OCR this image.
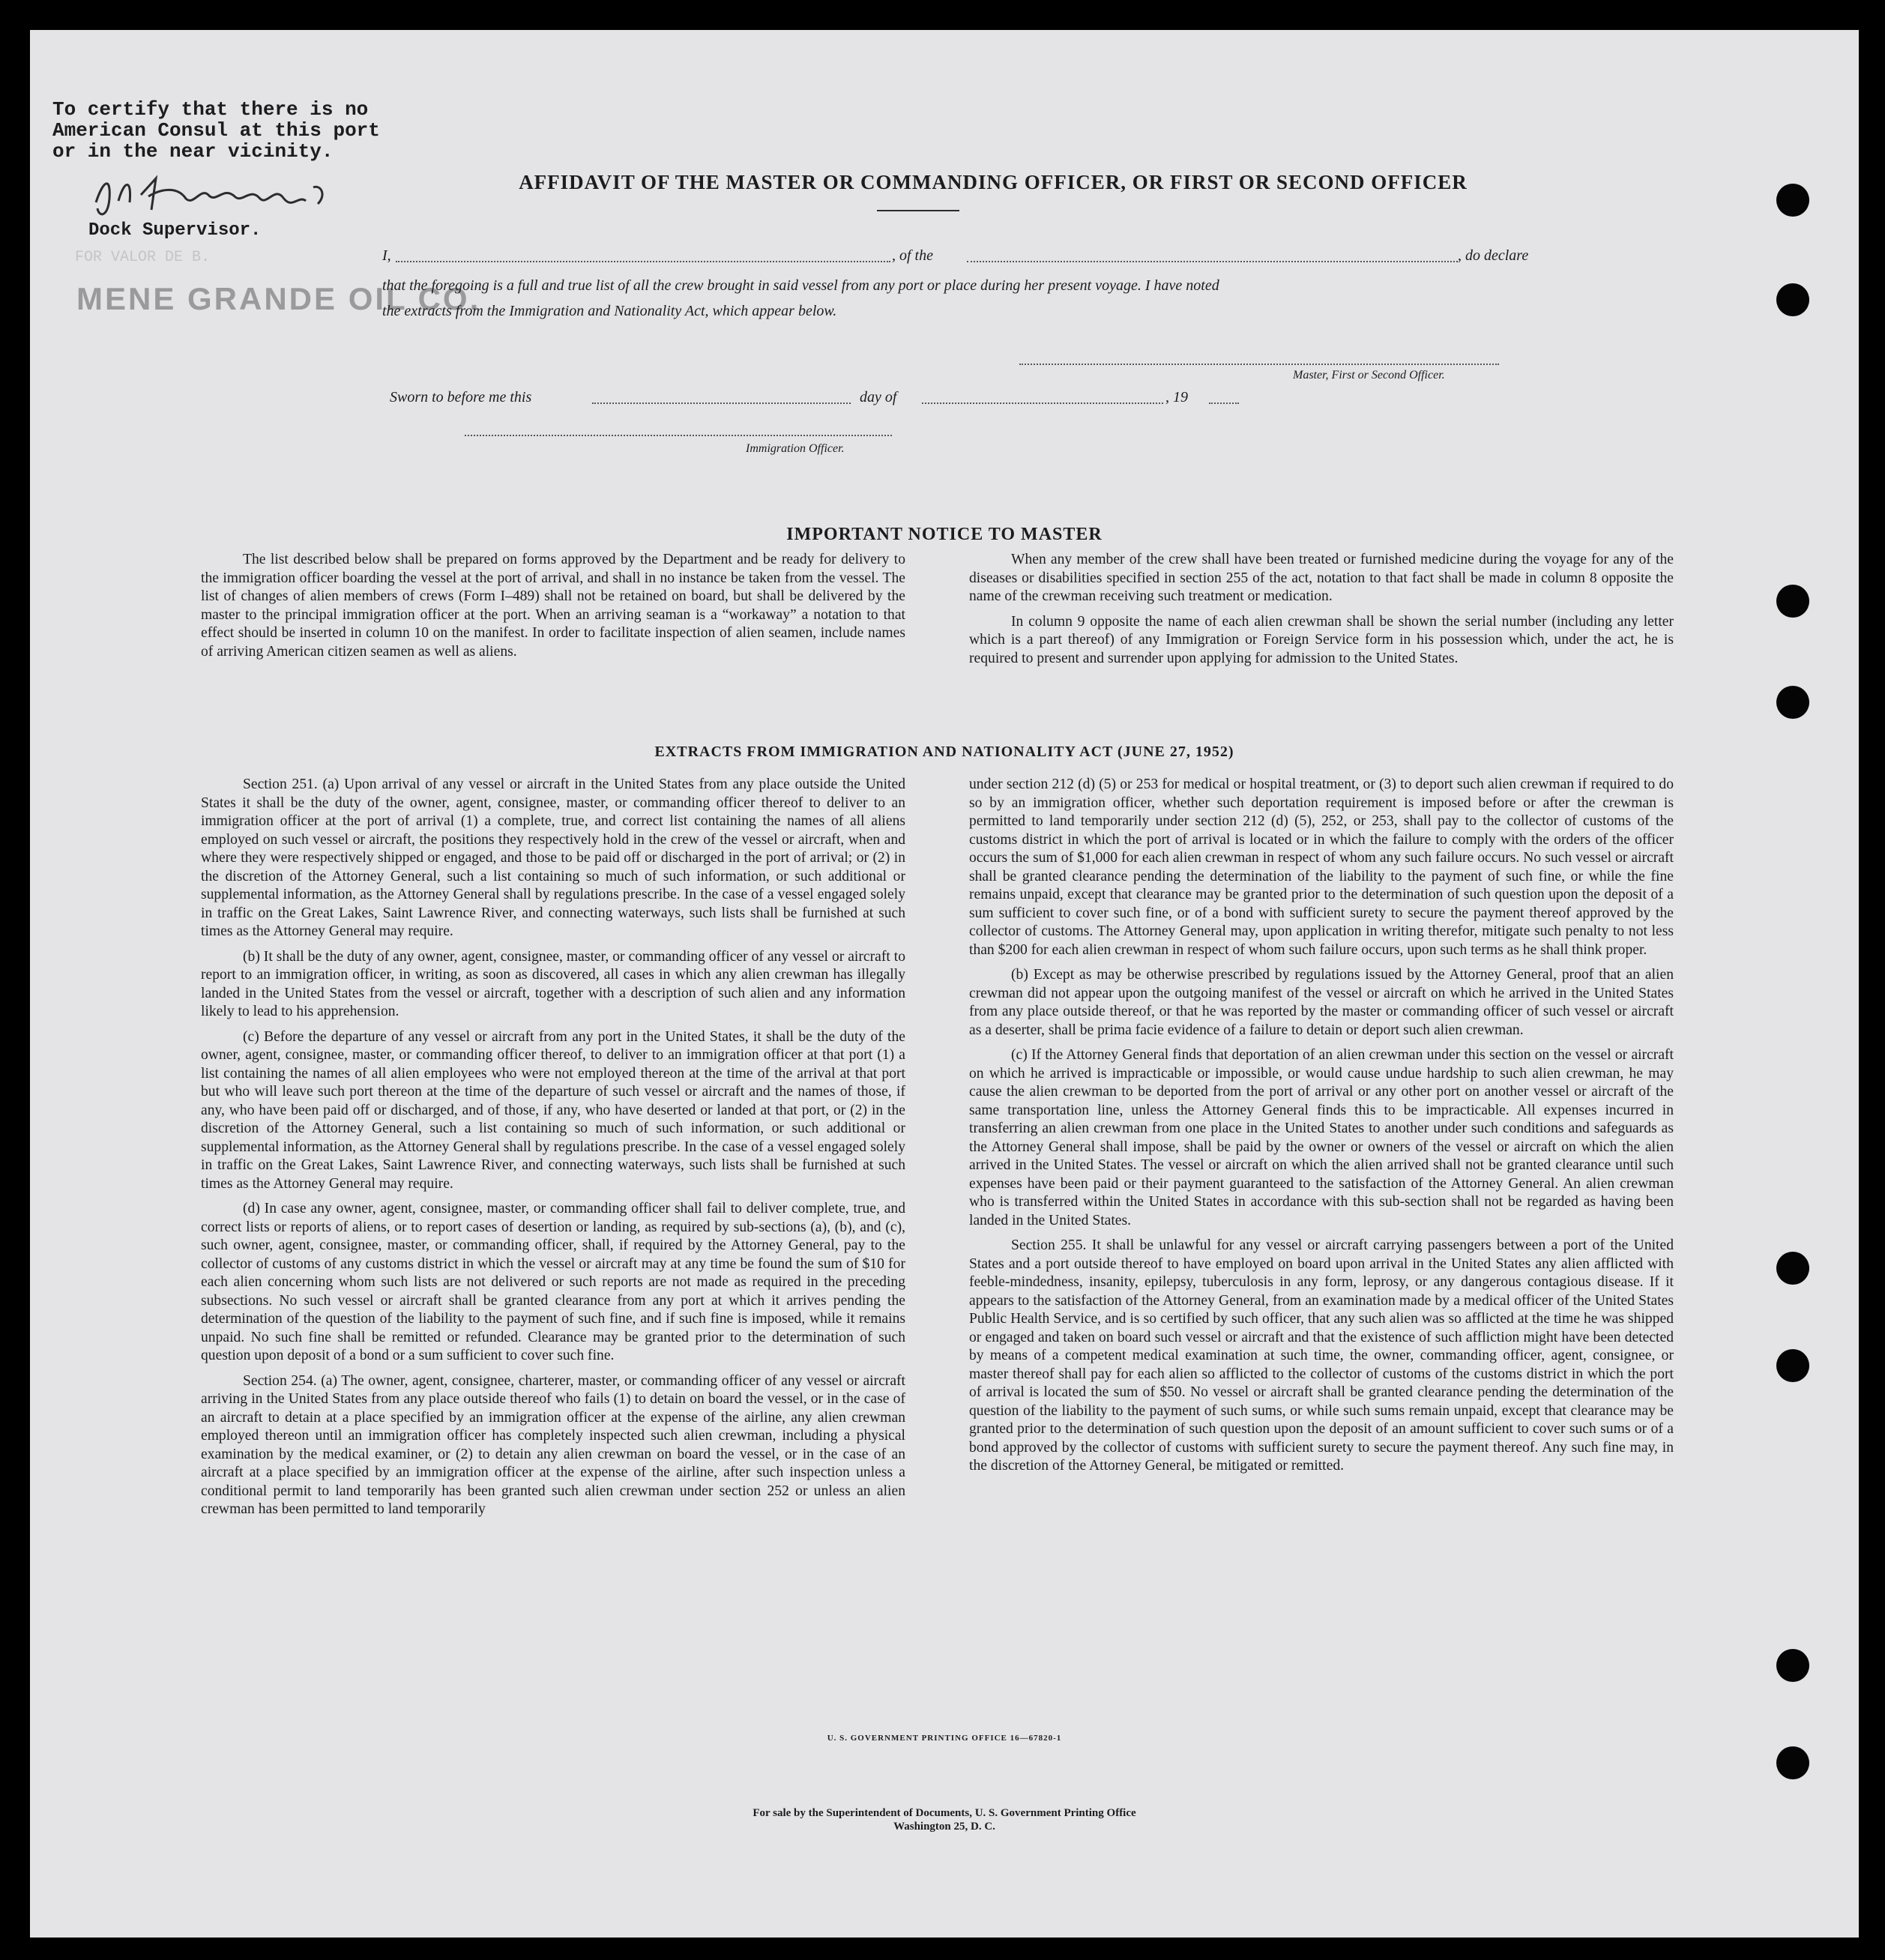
To certify that there is no
American Consul at this port
or in the near vicinity.
Dock Supervisor.
FOR VALOR DE B.
MENE GRANDE OIL CO.
AFFIDAVIT OF THE MASTER OR COMMANDING OFFICER, OR FIRST OR SECOND OFFICER
I,	, of the	, do declare
that the foregoing is a full and true list of all the crew brought in said vessel from any port or place during her present voyage. I have noted
the extracts from the Immigration and Nationality Act, which appear below.
Master, First or Second Officer.
Sworn to before me this	day of	, 19
Immigration Officer.
IMPORTANT NOTICE TO MASTER

The list described below shall be prepared on forms approved by the Department and be ready for delivery to the immigration officer boarding the vessel at the port of arrival, and shall in no instance be taken from the vessel. The list of changes of alien members of crews (Form I–489) shall not be retained on board, but shall be delivered by the master to the principal immigration officer at the port. When an arriving seaman is a “workaway” a notation to that effect should be inserted in column 10 on the manifest. In order to facilitate inspection of alien seamen, include names of arriving American citizen seamen as well as aliens.

When any member of the crew shall have been treated or furnished medicine during the voyage for any of the diseases or disabilities specified in section 255 of the act, notation to that fact shall be made in column 8 opposite the name of the crewman receiving such treatment or medication.

In column 9 opposite the name of each alien crewman shall be shown the serial number (including any letter which is a part thereof) of any Immigration or Foreign Service form in his possession which, under the act, he is required to present and surrender upon applying for admission to the United States.

EXTRACTS FROM IMMIGRATION AND NATIONALITY ACT (JUNE 27, 1952)

Section 251. (a) Upon arrival of any vessel or aircraft in the United States from any place outside the United States it shall be the duty of the owner, agent, consignee, master, or commanding officer thereof to deliver to an immigration officer at the port of arrival (1) a complete, true, and correct list containing the names of all aliens employed on such vessel or aircraft, the positions they respectively hold in the crew of the vessel or aircraft, when and where they were respectively shipped or engaged, and those to be paid off or discharged in the port of arrival; or (2) in the discretion of the Attorney General, such a list containing so much of such information, or such additional or supplemental information, as the Attorney General shall by regulations prescribe. In the case of a vessel engaged solely in traffic on the Great Lakes, Saint Lawrence River, and connecting waterways, such lists shall be furnished at such times as the Attorney General may require.

(b) It shall be the duty of any owner, agent, consignee, master, or commanding officer of any vessel or aircraft to report to an immigration officer, in writing, as soon as discovered, all cases in which any alien crewman has illegally landed in the United States from the vessel or aircraft, together with a description of such alien and any information likely to lead to his apprehension.

(c) Before the departure of any vessel or aircraft from any port in the United States, it shall be the duty of the owner, agent, consignee, master, or commanding officer thereof, to deliver to an immigration officer at that port (1) a list containing the names of all alien employees who were not employed thereon at the time of the arrival at that port but who will leave such port thereon at the time of the departure of such vessel or aircraft and the names of those, if any, who have been paid off or discharged, and of those, if any, who have deserted or landed at that port, or (2) in the discretion of the Attorney General, such a list containing so much of such information, or such additional or supplemental information, as the Attorney General shall by regulations prescribe. In the case of a vessel engaged solely in traffic on the Great Lakes, Saint Lawrence River, and connecting waterways, such lists shall be furnished at such times as the Attorney General may require.

(d) In case any owner, agent, consignee, master, or commanding officer shall fail to deliver complete, true, and correct lists or reports of aliens, or to report cases of desertion or landing, as required by sub-sections (a), (b), and (c), such owner, agent, consignee, master, or commanding officer, shall, if required by the Attorney General, pay to the collector of customs of any customs district in which the vessel or aircraft may at any time be found the sum of $10 for each alien concerning whom such lists are not delivered or such reports are not made as required in the preceding subsections. No such vessel or aircraft shall be granted clearance from any port at which it arrives pending the determination of the question of the liability to the payment of such fine, and if such fine is imposed, while it remains unpaid. No such fine shall be remitted or refunded. Clearance may be granted prior to the determination of such question upon deposit of a bond or a sum sufficient to cover such fine.

Section 254. (a) The owner, agent, consignee, charterer, master, or commanding officer of any vessel or aircraft arriving in the United States from any place outside thereof who fails (1) to detain on board the vessel, or in the case of an aircraft to detain at a place specified by an immigration officer at the expense of the airline, any alien crewman employed thereon until an immigration officer has completely inspected such alien crewman, including a physical examination by the medical examiner, or (2) to detain any alien crewman on board the vessel, or in the case of an aircraft at a place specified by an immigration officer at the expense of the airline, after such inspection unless a conditional permit to land temporarily has been granted such alien crewman under section 252 or unless an alien crewman has been permitted to land temporarily

under section 212 (d) (5) or 253 for medical or hospital treatment, or (3) to deport such alien crewman if required to do so by an immigration officer, whether such deportation requirement is imposed before or after the crewman is permitted to land temporarily under section 212 (d) (5), 252, or 253, shall pay to the collector of customs of the customs district in which the port of arrival is located or in which the failure to comply with the orders of the officer occurs the sum of $1,000 for each alien crewman in respect of whom any such failure occurs. No such vessel or aircraft shall be granted clearance pending the determination of the liability to the payment of such fine, or while the fine remains unpaid, except that clearance may be granted prior to the determination of such question upon the deposit of a sum sufficient to cover such fine, or of a bond with sufficient surety to secure the payment thereof approved by the collector of customs. The Attorney General may, upon application in writing therefor, mitigate such penalty to not less than $200 for each alien crewman in respect of whom such failure occurs, upon such terms as he shall think proper.

(b) Except as may be otherwise prescribed by regulations issued by the Attorney General, proof that an alien crewman did not appear upon the outgoing manifest of the vessel or aircraft on which he arrived in the United States from any place outside thereof, or that he was reported by the master or commanding officer of such vessel or aircraft as a deserter, shall be prima facie evidence of a failure to detain or deport such alien crewman.

(c) If the Attorney General finds that deportation of an alien crewman under this section on the vessel or aircraft on which he arrived is impracticable or impossible, or would cause undue hardship to such alien crewman, he may cause the alien crewman to be deported from the port of arrival or any other port on another vessel or aircraft of the same transportation line, unless the Attorney General finds this to be impracticable. All expenses incurred in transferring an alien crewman from one place in the United States to another under such conditions and safeguards as the Attorney General shall impose, shall be paid by the owner or owners of the vessel or aircraft on which the alien arrived in the United States. The vessel or aircraft on which the alien arrived shall not be granted clearance until such expenses have been paid or their payment guaranteed to the satisfaction of the Attorney General. An alien crewman who is transferred within the United States in accordance with this sub-section shall not be regarded as having been landed in the United States.

Section 255. It shall be unlawful for any vessel or aircraft carrying passengers between a port of the United States and a port outside thereof to have employed on board upon arrival in the United States any alien afflicted with feeble-mindedness, insanity, epilepsy, tuberculosis in any form, leprosy, or any dangerous contagious disease. If it appears to the satisfaction of the Attorney General, from an examination made by a medical officer of the United States Public Health Service, and is so certified by such officer, that any such alien was so afflicted at the time he was shipped or engaged and taken on board such vessel or aircraft and that the existence of such affliction might have been detected by means of a competent medical examination at such time, the owner, commanding officer, agent, consignee, or master thereof shall pay for each alien so afflicted to the collector of customs of the customs district in which the port of arrival is located the sum of $50. No vessel or aircraft shall be granted clearance pending the determination of the question of the liability to the payment of such sums, or while such sums remain unpaid, except that clearance may be granted prior to the determination of such question upon the deposit of an amount sufficient to cover such sums or of a bond approved by the collector of customs with sufficient surety to secure the payment thereof. Any such fine may, in the discretion of the Attorney General, be mitigated or remitted.

U. S. GOVERNMENT PRINTING OFFICE 16—67820-1
For sale by the Superintendent of Documents, U. S. Government Printing Office
Washington 25, D. C.
